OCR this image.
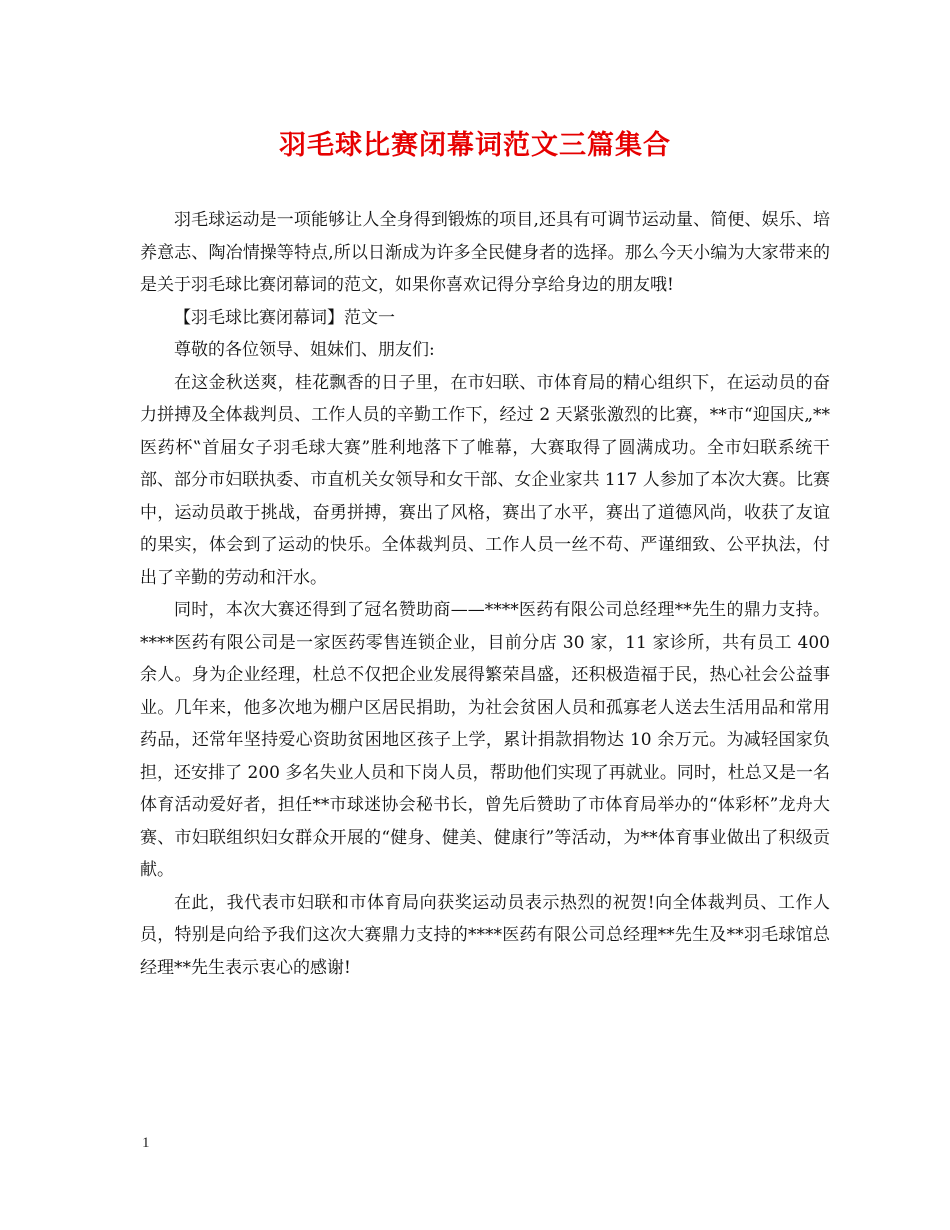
羽毛球比赛闭幕词范文三篇集合

羽毛球运动是一项能够让人全身得到锻炼的项目,还具有可调节运动量、简便、娱乐、培养意志、陶冶情操等特点,所以日渐成为许多全民健身者的选择。那么今天小编为大家带来的是关于羽毛球比赛闭幕词的范文，如果你喜欢记得分享给身边的朋友哦!

【羽毛球比赛闭幕词】范文一

尊敬的各位领导、姐妹们、朋友们:

在这金秋送爽，桂花飘香的日子里，在市妇联、市体育局的精心组织下，在运动员的奋力拼搏及全体裁判员、工作人员的辛勤工作下，经过 2 天紧张激烈的比赛，**市“迎国庆„**医药杯‟首届女子羽毛球大赛”胜利地落下了帷幕，大赛取得了圆满成功。全市妇联系统干部、部分市妇联执委、市直机关女领导和女干部、女企业家共 117 人参加了本次大赛。比赛中，运动员敢于挑战，奋勇拼搏，赛出了风格，赛出了水平，赛出了道德风尚，收获了友谊的果实，体会到了运动的快乐。全体裁判员、工作人员一丝不苟、严谨细致、公平执法，付出了辛勤的劳动和汗水。

同时，本次大赛还得到了冠名赞助商——****医药有限公司总经理**先生的鼎力支持。****医药有限公司是一家医药零售连锁企业，目前分店 30 家，11 家诊所，共有员工 400 余人。身为企业经理，杜总不仅把企业发展得繁荣昌盛，还积极造福于民，热心社会公益事业。几年来，他多次地为棚户区居民捐助，为社会贫困人员和孤寡老人送去生活用品和常用药品，还常年坚持爱心资助贫困地区孩子上学，累计捐款捐物达 10 余万元。为减轻国家负担，还安排了 200 多名失业人员和下岗人员，帮助他们实现了再就业。同时，杜总又是一名体育活动爱好者，担任**市球迷协会秘书长，曾先后赞助了市体育局举办的“体彩杯”龙舟大赛、市妇联组织妇女群众开展的“健身、健美、健康行”等活动，为**体育事业做出了积级贡献。

在此，我代表市妇联和市体育局向获奖运动员表示热烈的祝贺!向全体裁判员、工作人员，特别是向给予我们这次大赛鼎力支持的****医药有限公司总经理**先生及**羽毛球馆总经理**先生表示衷心的感谢!

1
